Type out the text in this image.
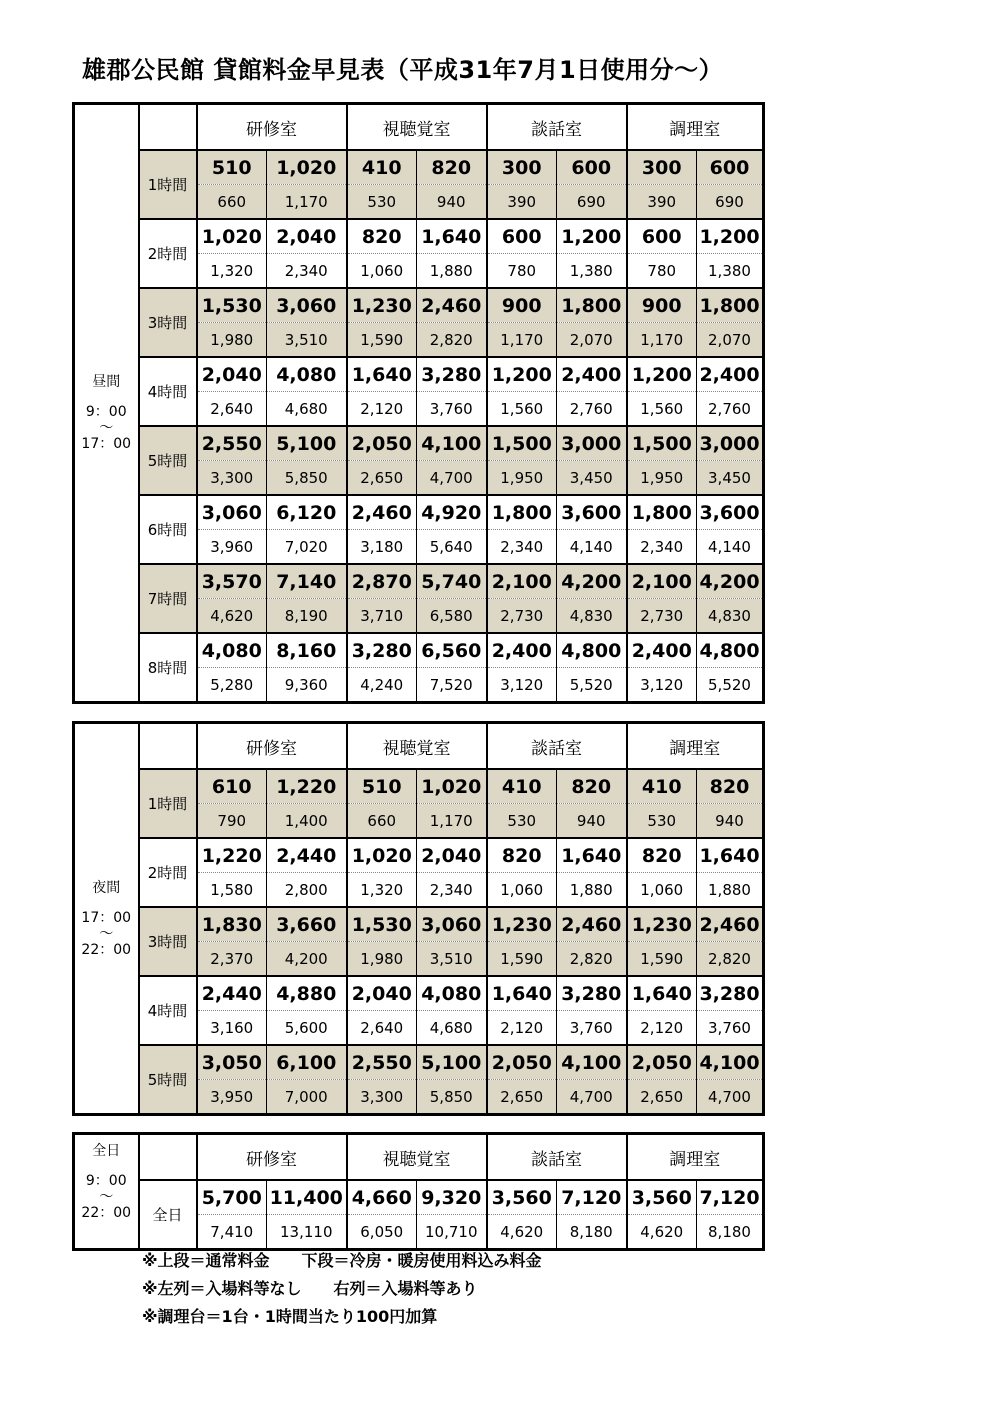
雄郡公民館 貸館料金早見表（平成31年7月1日使用分～）
昼間
9：00
～
17：00		研修室		視聴覚室		談話室		調理室	
	1時間	510	1,020	410	820	300	600	300	600
		660	1,170	530	940	390	690	390	690
	2時間	1,020	2,040	820	1,640	600	1,200	600	1,200
		1,320	2,340	1,060	1,880	780	1,380	780	1,380
	3時間	1,530	3,060	1,230	2,460	900	1,800	900	1,800
		1,980	3,510	1,590	2,820	1,170	2,070	1,170	2,070
	4時間	2,040	4,080	1,640	3,280	1,200	2,400	1,200	2,400
		2,640	4,680	2,120	3,760	1,560	2,760	1,560	2,760
	5時間	2,550	5,100	2,050	4,100	1,500	3,000	1,500	3,000
		3,300	5,850	2,650	4,700	1,950	3,450	1,950	3,450
	6時間	3,060	6,120	2,460	4,920	1,800	3,600	1,800	3,600
		3,960	7,020	3,180	5,640	2,340	4,140	2,340	4,140
	7時間	3,570	7,140	2,870	5,740	2,100	4,200	2,100	4,200
		4,620	8,190	3,710	6,580	2,730	4,830	2,730	4,830
	8時間	4,080	8,160	3,280	6,560	2,400	4,800	2,400	4,800
		5,280	9,360	4,240	7,520	3,120	5,520	3,120	5,520
夜間
17：00
～
22：00		研修室		視聴覚室		談話室		調理室	
	1時間	610	1,220	510	1,020	410	820	410	820
		790	1,400	660	1,170	530	940	530	940
	2時間	1,220	2,440	1,020	2,040	820	1,640	820	1,640
		1,580	2,800	1,320	2,340	1,060	1,880	1,060	1,880
	3時間	1,830	3,660	1,530	3,060	1,230	2,460	1,230	2,460
		2,370	4,200	1,980	3,510	1,590	2,820	1,590	2,820
	4時間	2,440	4,880	2,040	4,080	1,640	3,280	1,640	3,280
		3,160	5,600	2,640	4,680	2,120	3,760	2,120	3,760
	5時間	3,050	6,100	2,550	5,100	2,050	4,100	2,050	4,100
		3,950	7,000	3,300	5,850	2,650	4,700	2,650	4,700
全日
9：00
～
22：00		研修室		視聴覚室		談話室		調理室	
	全日	5,700	11,400	4,660	9,320	3,560	7,120	3,560	7,120
		7,410	13,110	6,050	10,710	4,620	8,180	4,620	8,180
※上段＝通常料金　　下段＝冷房・暖房使用料込み料金
※左列＝入場料等なし　　右列＝入場料等あり
※調理台＝1台・1時間当たり100円加算
